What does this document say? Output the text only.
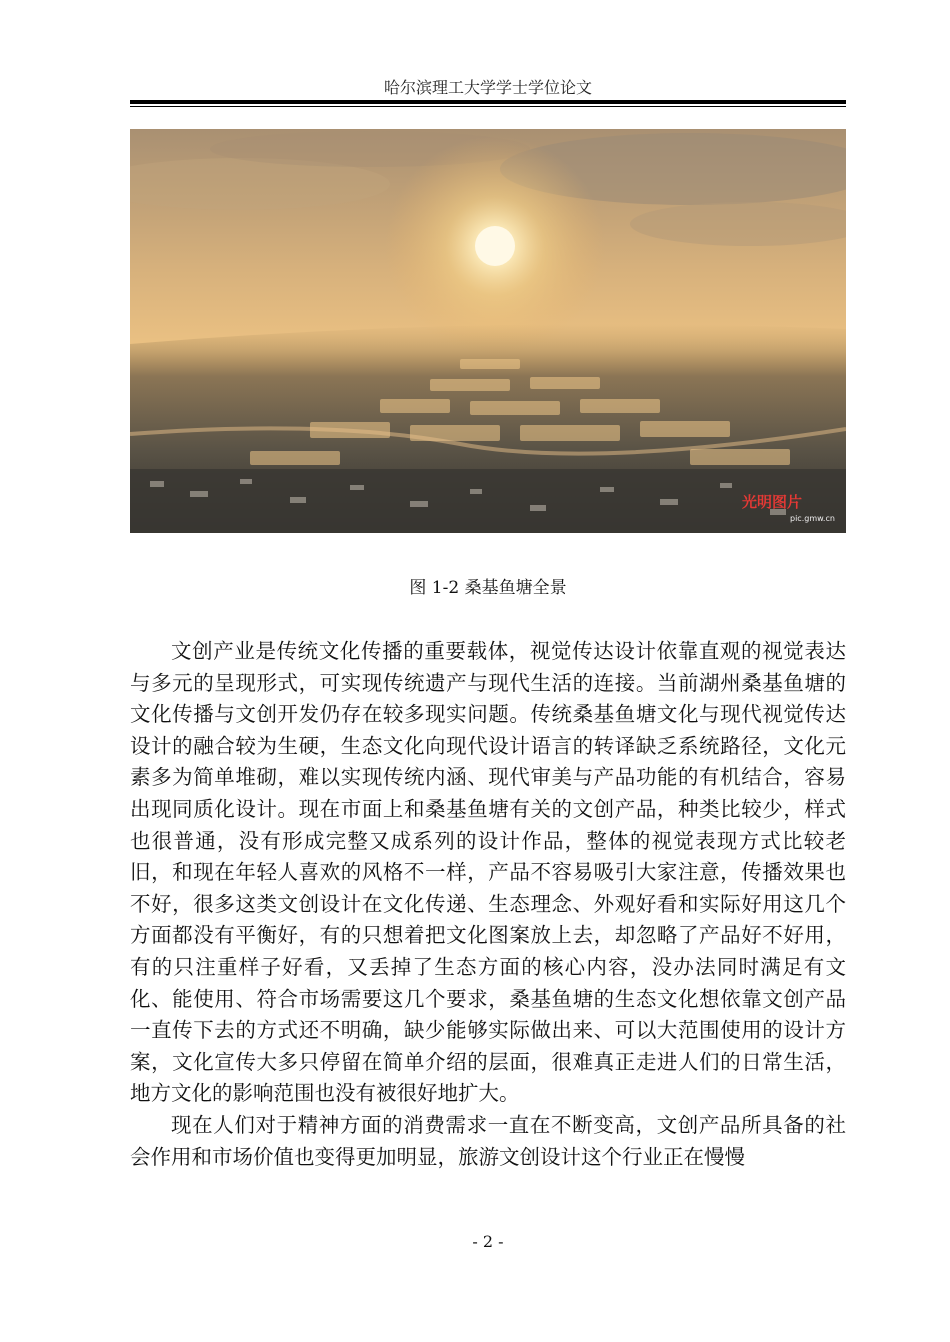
哈尔滨理工大学学士学位论文
光明图片
pic.gmw.cn
图 1-2 桑基鱼塘全景

文创产业是传统文化传播的重要载体，视觉传达设计依靠直观的视觉表达与多元的呈现形式，可实现传统遗产与现代生活的连接。当前湖州桑基鱼塘的文化传播与文创开发仍存在较多现实问题。传统桑基鱼塘文化与现代视觉传达设计的融合较为生硬，生态文化向现代设计语言的转译缺乏系统路径，文化元素多为简单堆砌，难以实现传统内涵、现代审美与产品功能的有机结合，容易出现同质化设计。现在市面上和桑基鱼塘有关的文创产品，种类比较少，样式也很普通，没有形成完整又成系列的设计作品，整体的视觉表现方式比较老旧，和现在年轻人喜欢的风格不一样，产品不容易吸引大家注意，传播效果也不好，很多这类文创设计在文化传递、生态理念、外观好看和实际好用这几个方面都没有平衡好，有的只想着把文化图案放上去，却忽略了产品好不好用，有的只注重样子好看，又丢掉了生态方面的核心内容，没办法同时满足有文化、能使用、符合市场需要这几个要求，桑基鱼塘的生态文化想依靠文创产品一直传下去的方式还不明确，缺少能够实际做出来、可以大范围使用的设计方案，文化宣传大多只停留在简单介绍的层面，很难真正走进人们的日常生活，地方文化的影响范围也没有被很好地扩大。

现在人们对于精神方面的消费需求一直在不断变高，文创产品所具备的社会作用和市场价值也变得更加明显，旅游文创设计这个行业正在慢慢

- 2 -
